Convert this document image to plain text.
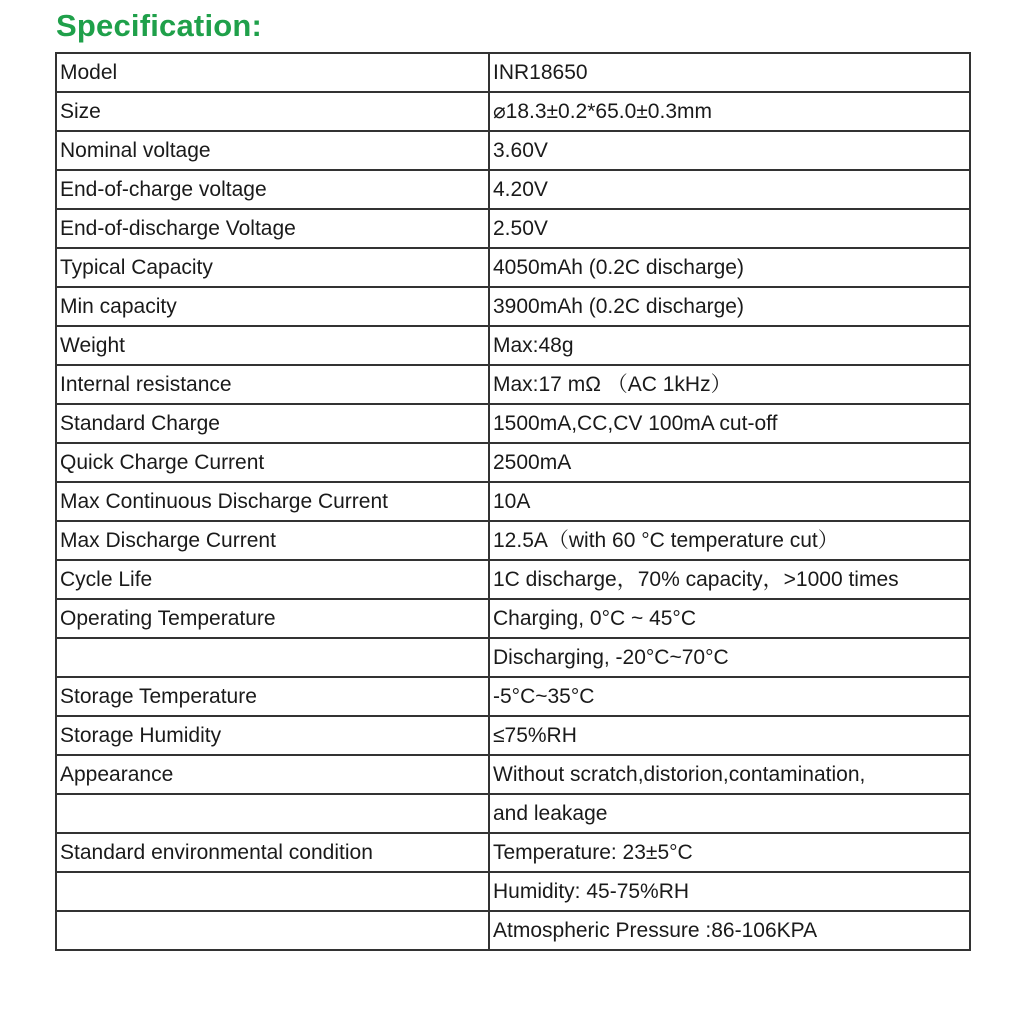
Specification:
Model	INR18650
Size	⌀18.3±0.2*65.0±0.3mm
Nominal voltage	3.60V
End-of-charge voltage	4.20V
End-of-discharge Voltage	2.50V
Typical Capacity	4050mAh (0.2C discharge)
Min capacity	3900mAh (0.2C discharge)
Weight	Max:48g
Internal resistance	Max:17 mΩ （AC 1kHz）
Standard Charge	1500mA,CC,CV 100mA cut-off
Quick Charge Current	2500mA
Max Continuous Discharge Current	10A
Max Discharge Current	12.5A（with 60 °C temperature cut）
Cycle Life	1C discharge，70% capacity，>1000 times
Operating Temperature	Charging, 0°C ~ 45°C
	Discharging, -20°C~70°C
Storage Temperature	-5°C~35°C
Storage Humidity	≤75%RH
Appearance	Without scratch,distorion,contamination,
	and leakage
Standard environmental condition	Temperature: 23±5°C
	Humidity: 45-75%RH
	Atmospheric Pressure :86-106KPA
